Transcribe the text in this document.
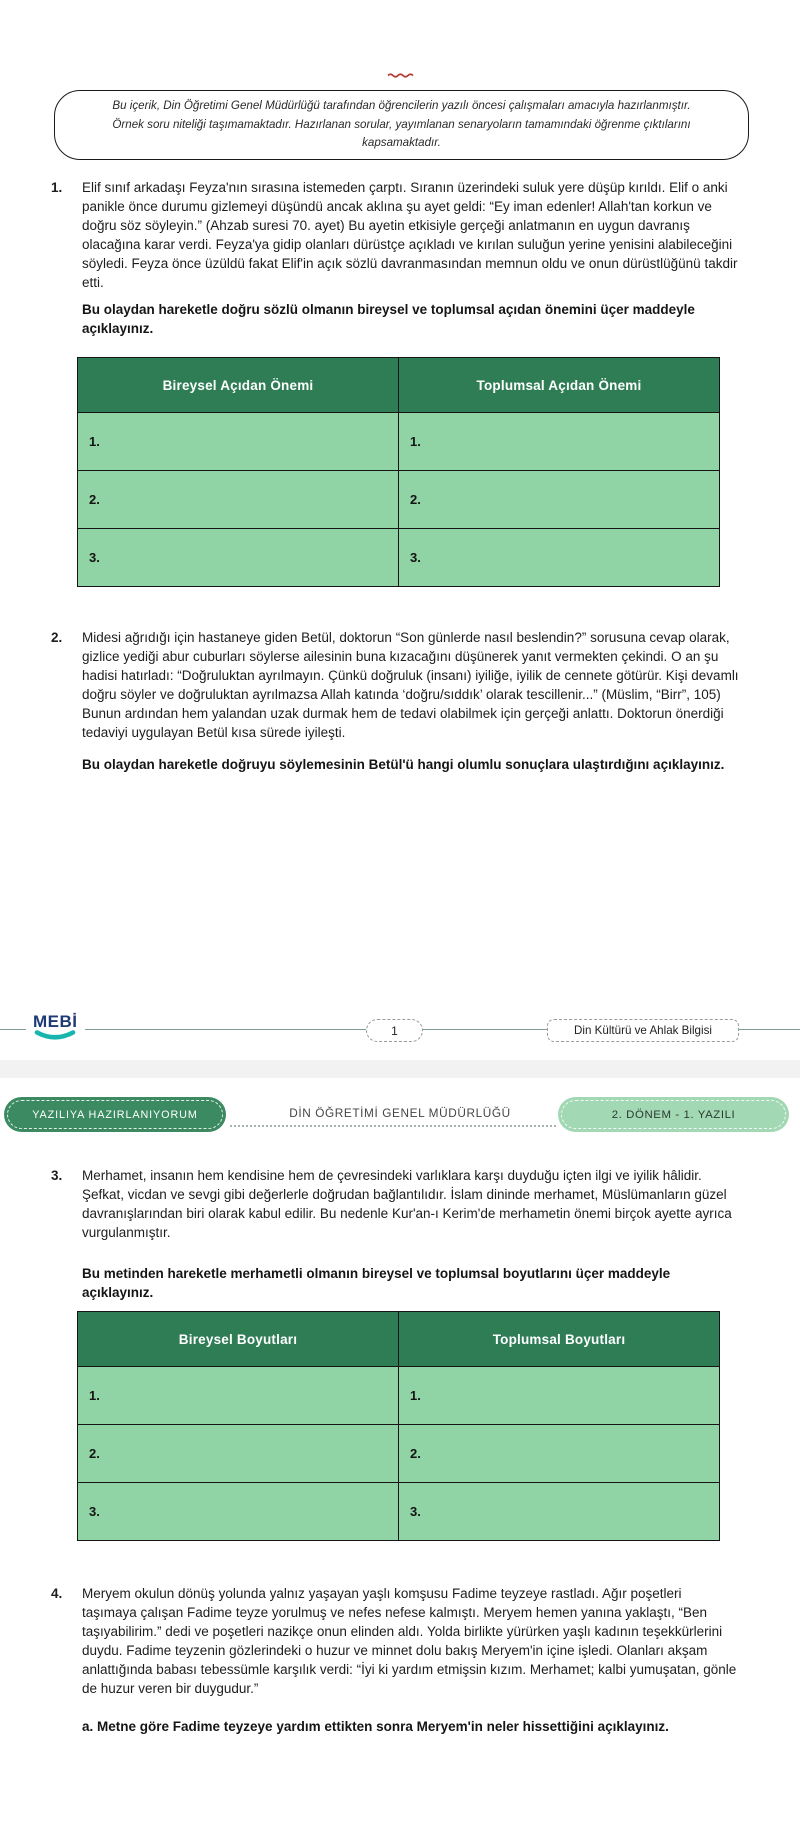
Bu içerik, Din Öğretimi Genel Müdürlüğü tarafından öğrencilerin yazılı öncesi çalışmaları amacıyla hazırlanmıştır. Örnek soru niteliği taşımamaktadır. Hazırlanan sorular, yayımlanan senaryoların tamamındaki öğrenme çıktılarını kapsamaktadır.
1.	Elif sınıf arkadaşı Feyza'nın sırasına istemeden çarptı. Sıranın üzerindeki suluk yere düşüp kırıldı. Elif o anki panikle önce durumu gizlemeyi düşündü ancak aklına şu ayet geldi: “Ey iman edenler! Allah'tan korkun ve doğru söz söyleyin.” (Ahzab suresi 70. ayet) Bu ayetin etkisiyle gerçeği anlatmanın en uygun davranış olacağına karar verdi. Feyza'ya gidip olanları dürüstçe açıkladı ve kırılan suluğun yerine yenisini alabileceğini söyledi. Feyza önce üzüldü fakat Elif'in açık sözlü davranmasından memnun oldu ve onun dürüstlüğünü takdir etti.
Bu olaydan hareketle doğru sözlü olmanın bireysel ve toplumsal açıdan önemini üçer maddeyle açıklayınız.
Bireysel Açıdan Önemi	Toplumsal Açıdan Önemi
1.	1.
2.	2.
3.	3.
2.	Midesi ağrıdığı için hastaneye giden Betül, doktorun “Son günlerde nasıl beslendin?” sorusuna cevap olarak, gizlice yediği abur cuburları söylerse ailesinin buna kızacağını düşünerek yanıt vermekten çekindi. O an şu hadisi hatırladı: “Doğruluktan ayrılmayın. Çünkü doğruluk (insanı) iyiliğe, iyilik de cennete götürür. Kişi devamlı doğru söyler ve doğruluktan ayrılmazsa Allah katında ‘doğru/sıddık’ olarak tescillenir...” (Müslim, “Birr”, 105) Bunun ardından hem yalandan uzak durmak hem de tedavi olabilmek için gerçeği anlattı. Doktorun önerdiği tedaviyi uygulayan Betül kısa sürede iyileşti.
Bu olaydan hareketle doğruyu söylemesinin Betül'ü hangi olumlu sonuçlara ulaştırdığını açıklayınız.
MEBİ	1	Din Kültürü ve Ahlak Bilgisi
YAZILIYA HAZIRLANIYORUM	DİN ÖĞRETİMİ GENEL MÜDÜRLÜĞÜ	2. DÖNEM - 1. YAZILI
3.	Merhamet, insanın hem kendisine hem de çevresindeki varlıklara karşı duyduğu içten ilgi ve iyilik hâlidir. Şefkat, vicdan ve sevgi gibi değerlerle doğrudan bağlantılıdır. İslam dininde merhamet, Müslümanların güzel davranışlarından biri olarak kabul edilir. Bu nedenle Kur'an-ı Kerim'de merhametin önemi birçok ayette ayrıca vurgulanmıştır.
Bu metinden hareketle merhametli olmanın bireysel ve toplumsal boyutlarını üçer maddeyle açıklayınız.
Bireysel Boyutları	Toplumsal Boyutları
1.	1.
2.	2.
3.	3.
4.	Meryem okulun dönüş yolunda yalnız yaşayan yaşlı komşusu Fadime teyzeye rastladı. Ağır poşetleri taşımaya çalışan Fadime teyze yorulmuş ve nefes nefese kalmıştı. Meryem hemen yanına yaklaştı, “Ben taşıyabilirim.” dedi ve poşetleri nazikçe onun elinden aldı. Yolda birlikte yürürken yaşlı kadının teşekkürlerini duydu. Fadime teyzenin gözlerindeki o huzur ve minnet dolu bakış Meryem'in içine işledi. Olanları akşam anlattığında babası tebessümle karşılık verdi: “İyi ki yardım etmişsin kızım. Merhamet; kalbi yumuşatan, gönle de huzur veren bir duygudur.”
a. Metne göre Fadime teyzeye yardım ettikten sonra Meryem'in neler hissettiğini açıklayınız.
